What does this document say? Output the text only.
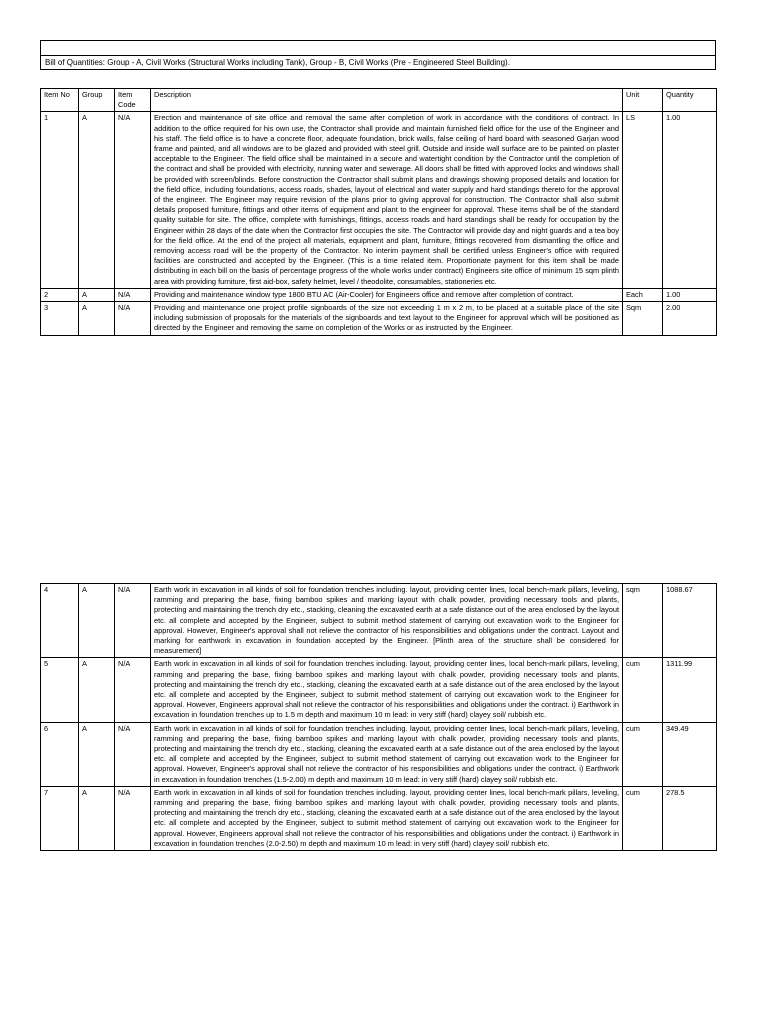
Bill of Quantities: Group - A, Civil Works (Structural Works including Tank), Group - B, Civil Works (Pre - Engineered Steel Building).
Item No	Group	Item Code	Description	Unit	Quantity
1	A	N/A	Erection and maintenance of site office and removal the same after completion of work in accordance with the conditions of contract. In addition to the office required for his own use, the Contractor shall provide and maintain furnished field office for the use of the Engineer and his staff. The field office is to have a concrete floor, adequate foundation, brick walls, false ceiling of hard board with seasoned Garjan wood frame and painted, and all windows are to be glazed and provided with steel grill. Outside and inside wall surface are to be painted on plaster acceptable to the Engineer. The field office shall be maintained in a secure and watertight condition by the Contractor until the completion of the contract and shall be provided with electricity, running water and sewerage. All doors shall be fitted with approved locks and windows shall be provided with screen/blinds. Before construction the Contractor shall submit plans and drawings showing proposed details and location for the field office, including foundations, access roads, shades, layout of electrical and water supply and hard standings thereto for the approval of the engineer. The Engineer may require revision of the plans prior to giving approval for construction. The Contractor shall also submit details proposed furniture, fittings and other items of equipment and plant to the engineer for approval. These items shall be of the standard quality suitable for site. The office, complete with furnishings, fittings, access roads and hard standings shall be ready for occupation by the Engineer within 28 days of the date when the Contractor first occupies the site. The Contractor will provide day and night guards and a tea boy for the field office. At the end of the project all materials, equipment and plant, furniture, fittings recovered from dismantling the office and removing access road will be the property of the Contractor. No interim payment shall be certified unless Engineer's office with required facilities are constructed and accepted by the Engineer. (This is a time related item. Proportionate payment for this item shall be made distributing in each bill on the basis of percentage progress of the whole works under contract) Engineers site office of minimum 15 sqm plinth area with providing furniture, first aid-box, safety helmet, level / theodolite, consumables, stationeries etc.	LS	1.00
2	A	N/A	Providing and maintenance window type 1800 BTU AC (Air-Cooler) for Engineers office and remove after completion of contract.	Each	1.00
3	A	N/A	Providing and maintenance one project profile signboards of the size not exceeding 1 m x 2 m, to be placed at a suitable place of the site including submission of proposals for the materials of the signboards and text layout to the Engineer for approval which will be positioned as directed by the Engineer and removing the same on completion of the Works or as instructed by the Engineer.	Sqm	2.00
4	A	N/A	Earth work in excavation in all kinds of soil for foundation trenches including. layout, providing center lines, local bench-mark pillars, leveling, ramming and preparing the base, fixing bamboo spikes and marking layout with chalk powder, providing necessary tools and plants, protecting and maintaining the trench dry etc., stacking, cleaning the excavated earth at a safe distance out of the area enclosed by the layout etc. all complete and accepted by the Engineer, subject to submit method statement of carrying out excavation work to the Engineer for approval. However, Engineer's approval shall not relieve the contractor of his responsibilities and obligations under the contract. Layout and marking for earthwork in excavation in foundation accepted by the Engineer. [Plinth area of the structure shall be considered for measurement]	sqm	1088.67
5	A	N/A	Earth work in excavation in all kinds of soil for foundation trenches including. layout, providing center lines, local bench-mark pillars, leveling, ramming and preparing the base, fixing bamboo spikes and marking layout with chalk powder, providing necessary tools and plants, protecting and maintaining the trench dry etc., stacking, cleaning the excavated earth at a safe distance out of the area enclosed by the layout etc. all complete and accepted by the Engineer, subject to submit method statement of carrying out excavation work to the Engineer for approval. However, Engineers approval shall not relieve the contractor of his responsibilities and obligations under the contract. i) Earthwork in excavation in foundation trenches up to 1.5 m depth and maximum 10 m lead: in very stiff (hard) clayey soil/ rubbish etc.	cum	1311.99
6	A	N/A	Earth work in excavation in all kinds of soil for foundation trenches including. layout, providing center lines, local bench-mark pillars, leveling, ramming and preparing the base, fixing bamboo spikes and marking layout with chalk powder, providing necessary tools and plants, protecting and maintaining the trench dry etc., stacking, cleaning the excavated earth at a safe distance out of the area enclosed by the layout etc. all complete and accepted by the Engineer, subject to submit method statement of carrying out excavation work to the Engineer for approval. However, Engineer's approval shall not relieve the contractor of his responsibilities and obligations under the contract. i) Earthwork in excavation in foundation trenches (1.5-2.00) m depth and maximum 10 m lead: in very stiff (hard) clayey soil/ rubbish etc.	cum	349.49
7	A	N/A	Earth work in excavation in all kinds of soil for foundation trenches including. layout, providing center lines, local bench-mark pillars, leveling, ramming and preparing the base, fixing bamboo spikes and marking layout with chalk powder, providing necessary tools and plants, protecting and maintaining the trench dry etc., stacking, cleaning the excavated earth at a safe distance out of the area enclosed by the layout etc. all complete and accepted by the Engineer, subject to submit method statement of carrying out excavation work to the Engineer for approval. However, Engineers approval shall not relieve the contractor of his responsibilities and obligations under the contract. i) Earthwork in excavation in foundation trenches (2.0-2.50) m depth and maximum 10 m lead: in very stiff (hard) clayey soil/ rubbish etc.	cum	278.5
